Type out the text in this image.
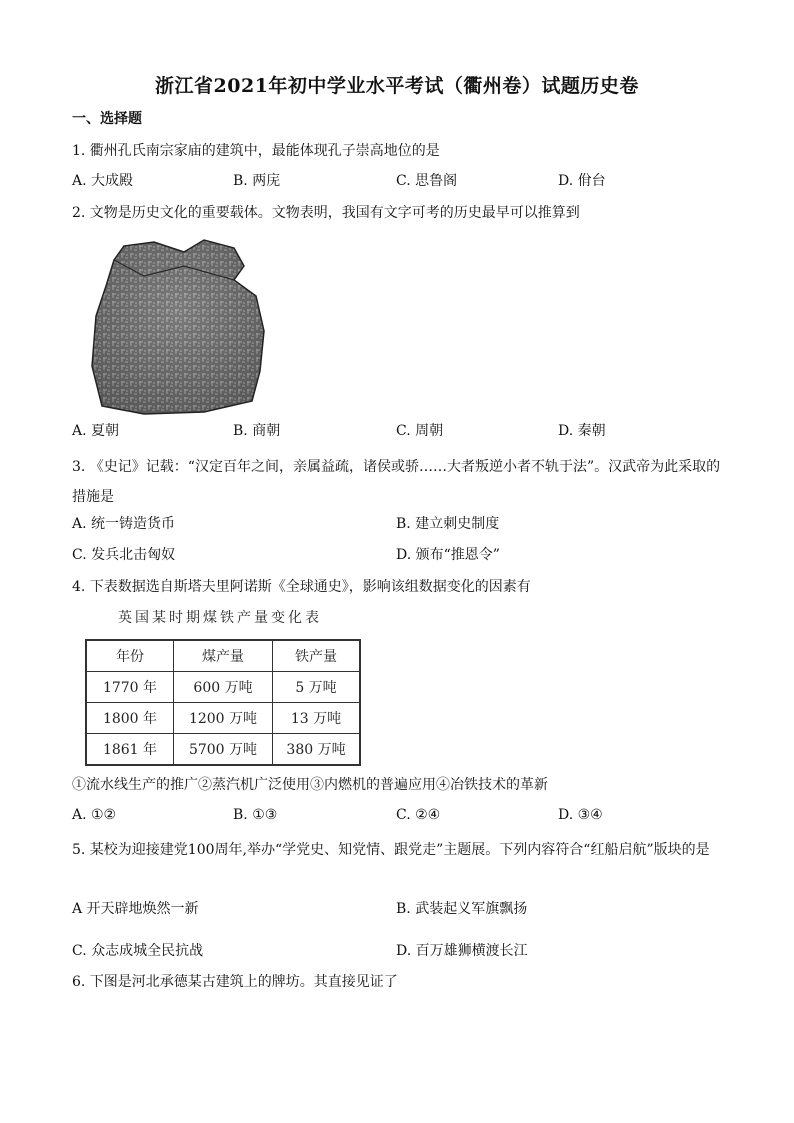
浙江省2021年初中学业水平考试（衢州卷）试题历史卷
一、选择题
1. 衢州孔氏南宗家庙的建筑中，最能体现孔子崇高地位的是
A. 大成殿	B. 两庑	C. 思鲁阁	D. 佾台
2. 文物是历史文化的重要载体。文物表明，我国有文字可考的历史最早可以推算到
A. 夏朝	B. 商朝	C. 周朝	D. 秦朝
3. 《史记》记载：“汉定百年之间，亲属益疏，诸侯或骄……大者叛逆小者不轨于法”。汉武帝为此采取的措施是
A. 统一铸造货币	B. 建立刺史制度
C. 发兵北击匈奴	D. 颁布“推恩令”
4. 下表数据选自斯塔夫里阿诺斯《全球通史》，影响该组数据变化的因素有
英国某时期煤铁产量变化表
年份	煤产量	铁产量
1770 年	600 万吨	5 万吨
1800 年	1200 万吨	13 万吨
1861 年	5700 万吨	380 万吨
①流水线生产的推广②蒸汽机广泛使用③内燃机的普遍应用④冶铁技术的革新
A. ①②	B. ①③	C. ②④	D. ③④
5. 某校为迎接建党100周年,举办“学党史、知党情、跟党走”主题展。下列内容符合“红船启航”版块的是
A 开天辟地焕然一新	B. 武装起义军旗飘扬
C. 众志成城全民抗战	D. 百万雄狮横渡长江
6. 下图是河北承德某古建筑上的牌坊。其直接见证了
